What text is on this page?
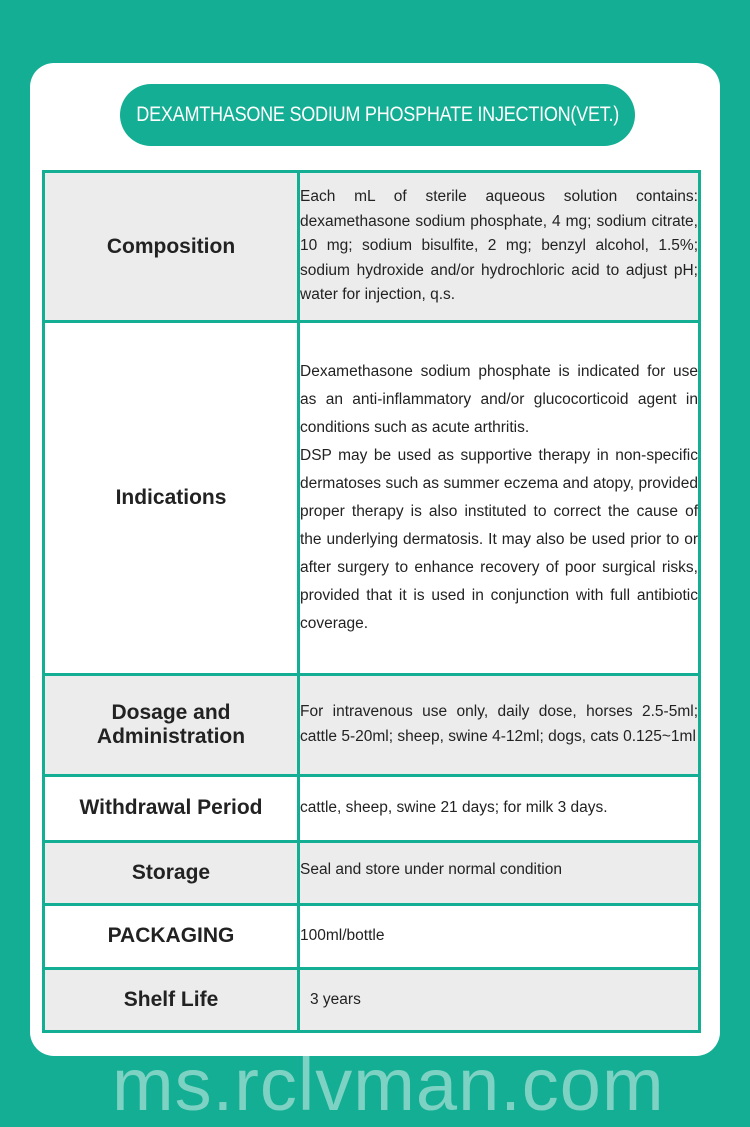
DEXAMTHASONE SODIUM PHOSPHATE INJECTION(VET.)
Composition	Each mL of sterile aqueous solution contains: dexamethasone sodium phosphate, 4 mg; sodium citrate, 10 mg; sodium bisulfite, 2 mg; benzyl alcohol, 1.5%; sodium hydroxide and/or hydrochloric acid to adjust pH; water for injection, q.s.

Indications	Dexamethasone sodium phosphate is indicated for use as an anti-inflammatory and/or glucocorticoid agent in conditions such as acute arthritis.

DSP may be used as supportive therapy in non-specific dermatoses such as summer eczema and atopy, provided proper therapy is also instituted to correct the cause of the underlying dermatosis. It may also be used prior to or after surgery to enhance recovery of poor surgical risks, provided that it is used in conjunction with full antibiotic coverage.

Dosage and
Administration	For intravenous use only, daily dose, horses 2.5-5ml; cattle 5-20ml; sheep, swine 4-12ml; dogs, cats 0.125~1ml

Withdrawal Period	cattle, sheep, swine 21 days; for milk 3 days.

Storage	Seal and store under normal condition

PACKAGING	100ml/bottle

Shelf Life	3 years

ms.rclvman.com
